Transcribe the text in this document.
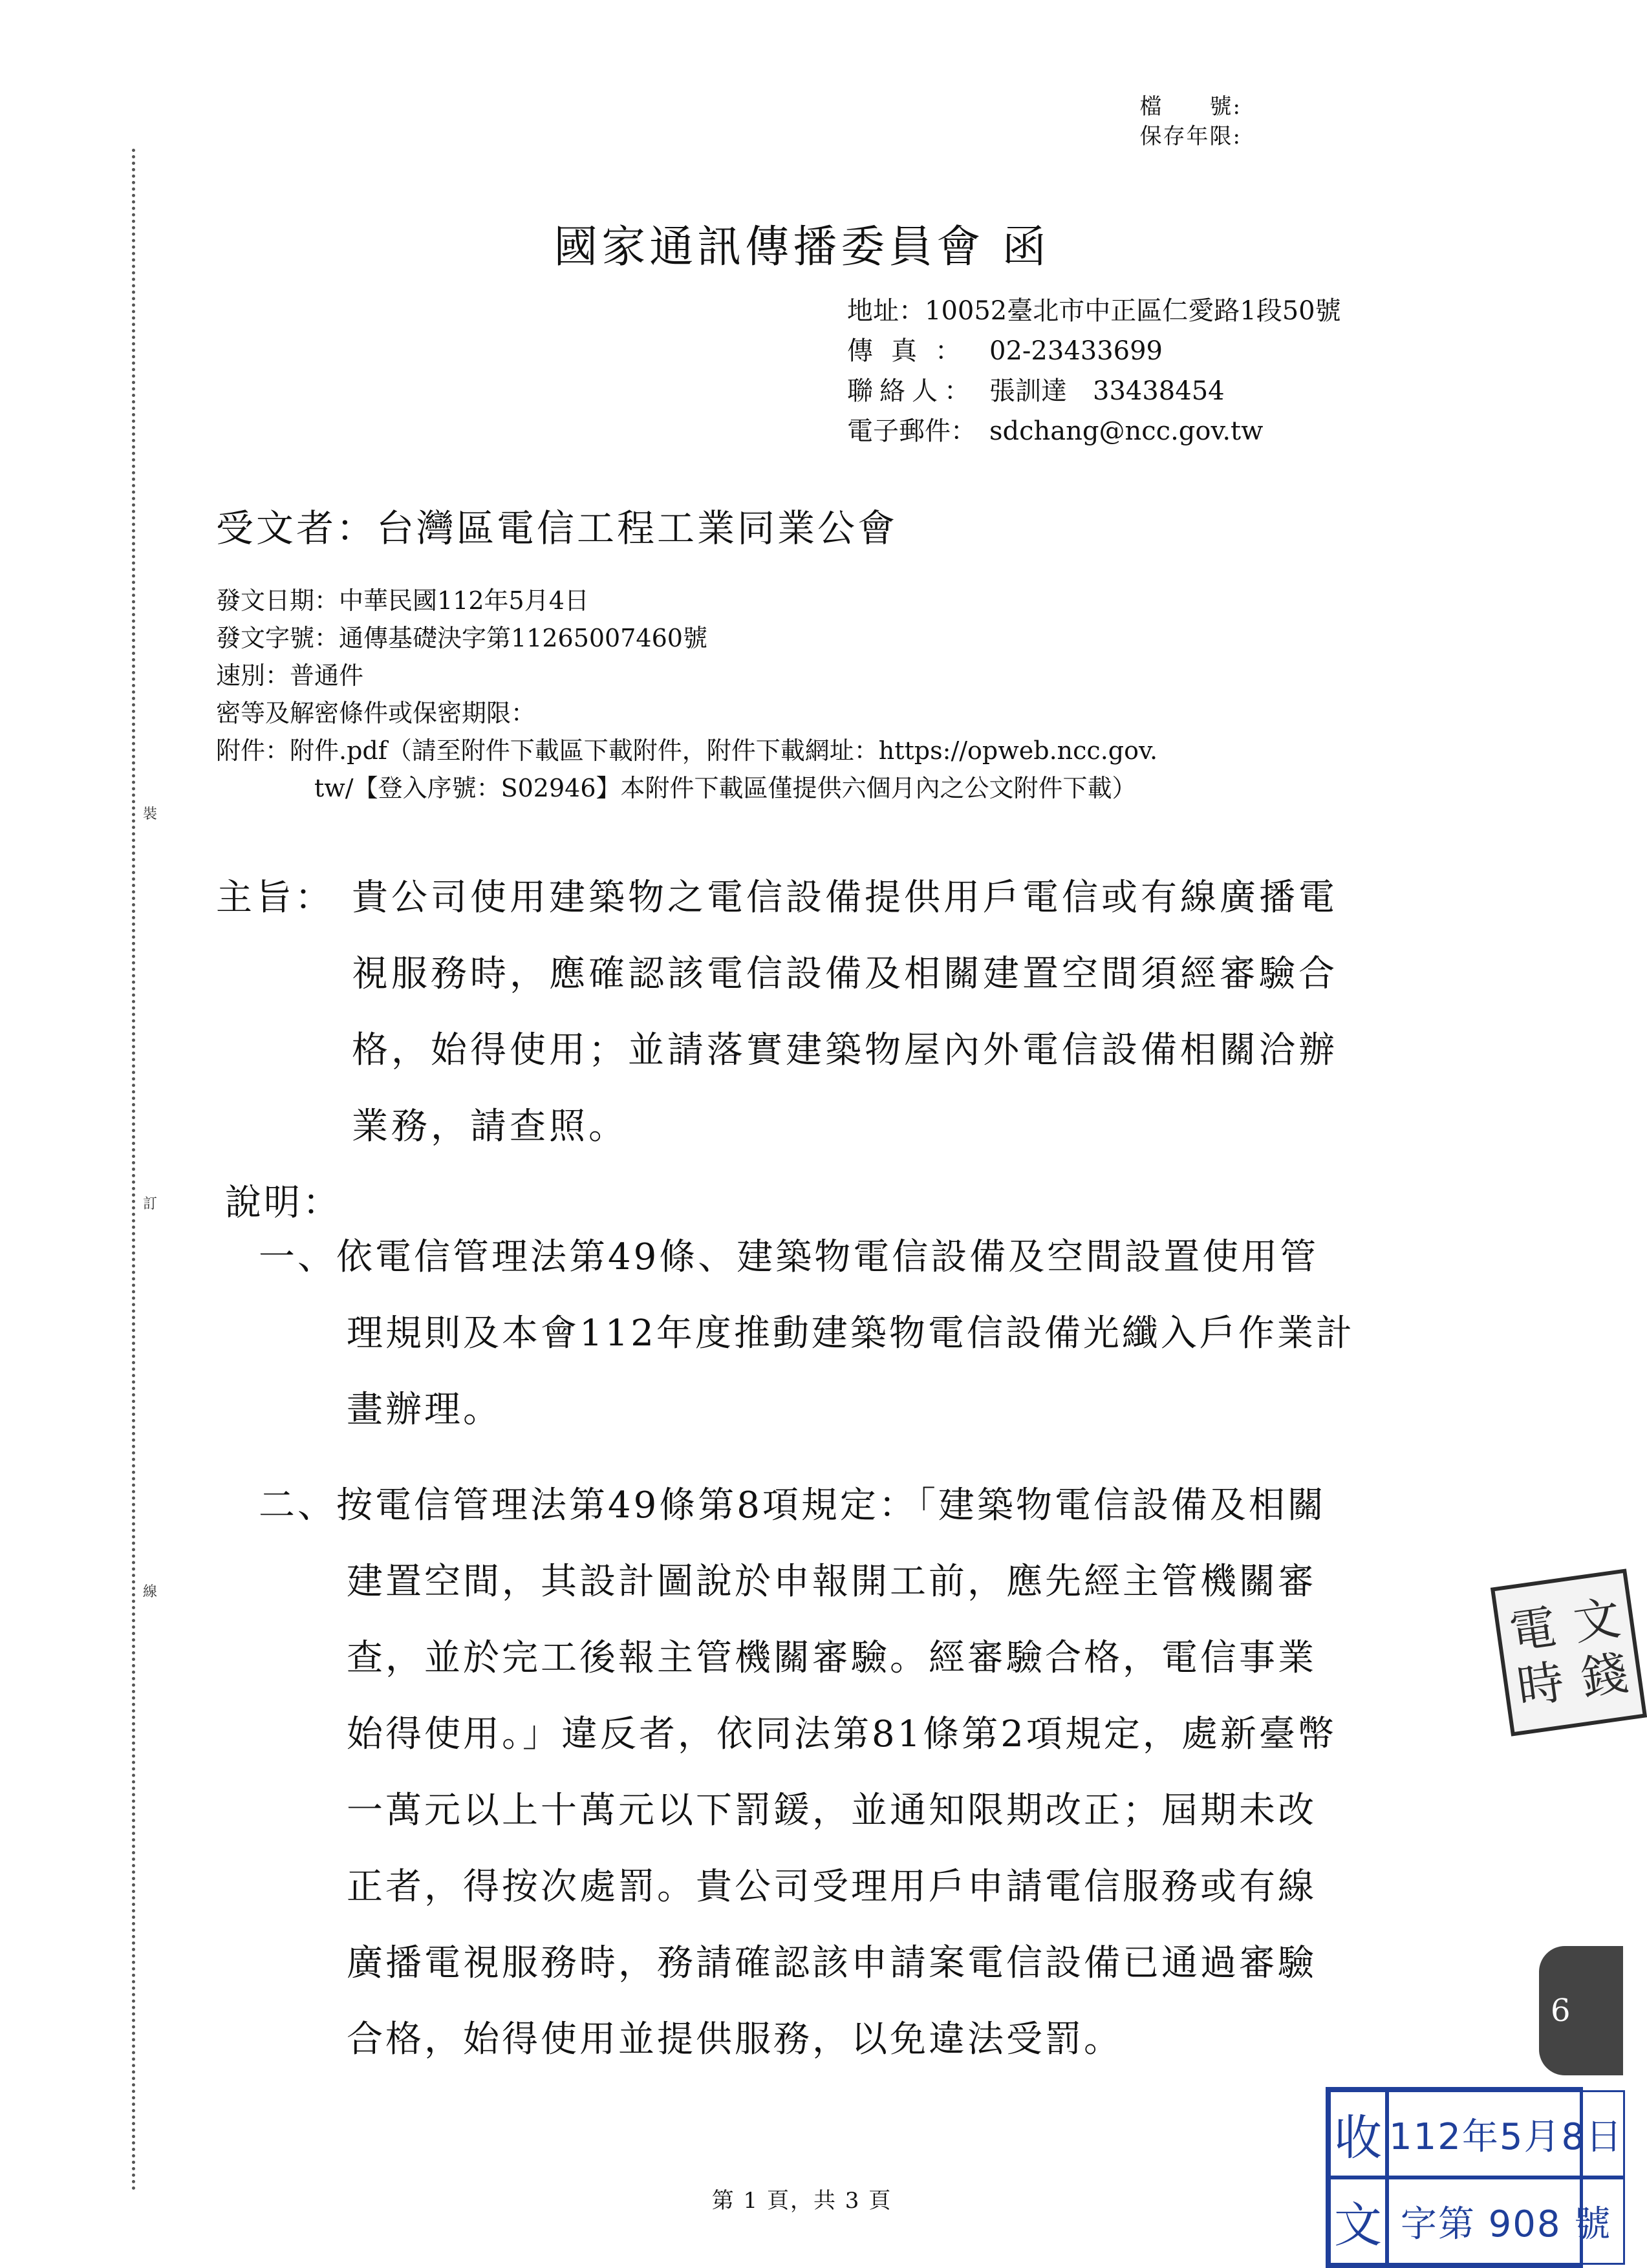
裝
訂
線
檔　　號:
保存年限:
國家通訊傳播委員會 函
地址： 10052臺北市中正區仁愛路1段50號
傳真： 02-23433699
聯絡人： 張訓達　33438454
電子郵件： sdchang@ncc.gov.tw
受文者：台灣區電信工程工業同業公會
發文日期：中華民國112年5月4日
發文字號：通傳基礎決字第11265007460號
速別：普通件
密等及解密條件或保密期限：
附件：附件.pdf（請至附件下載區下載附件，附件下載網址：https://opweb.ncc.gov.
tw/【登入序號：S02946】本附件下載區僅提供六個月內之公文附件下載）
主旨： 貴公司使用建築物之電信設備提供用戶電信或有線廣播電
視服務時，應確認該電信設備及相關建置空間須經審驗合
格，始得使用；並請落實建築物屋內外電信設備相關洽辦
業務，請查照。
說明：
一、依電信管理法第49條、建築物電信設備及空間設置使用管
理規則及本會112年度推動建築物電信設備光纖入戶作業計
畫辦理。
二、按電信管理法第49條第8項規定：「建築物電信設備及相關
建置空間，其設計圖說於申報開工前，應先經主管機關審
查，並於完工後報主管機關審驗。經審驗合格，電信事業
始得使用。」違反者，依同法第81條第2項規定，處新臺幣
一萬元以上十萬元以下罰鍰，並通知限期改正；屆期未改
正者，得按次處罰。貴公司受理用戶申請電信服務或有線
廣播電視服務時，務請確認該申請案電信設備已通過審驗
合格，始得使用並提供服務，以免違法受罰。
電 文
時 錢
6
收 112年5月8日
文 字第 908 號
第 1 頁，共 3 頁
